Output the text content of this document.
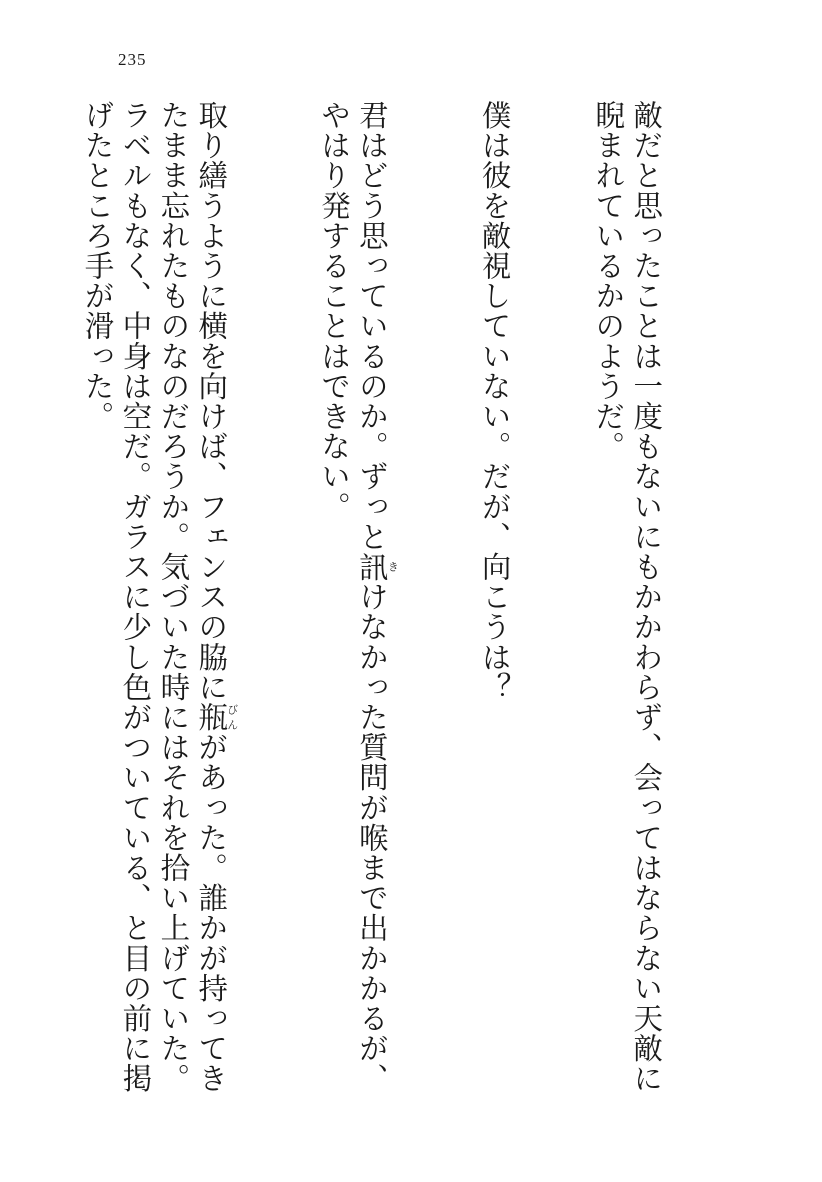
235

敵だと思ったことは一度もないにもかかわらず、会ってはならない天敵に睨まれているかのようだ。

僕は彼を敵視していない。だが、向こうは？

君はどう思っているのか。ずっと訊きけなかった質問が喉まで出かかるが、やはり発することはできない。

取り繕うように横を向けば、フェンスの脇に瓶びんがあった。誰かが持ってきたまま忘れたものなのだろうか。気づいた時にはそれを拾い上げていた。ラベルもなく、中身は空だ。ガラスに少し色がついている、と目の前に掲げたところ手が滑った。
